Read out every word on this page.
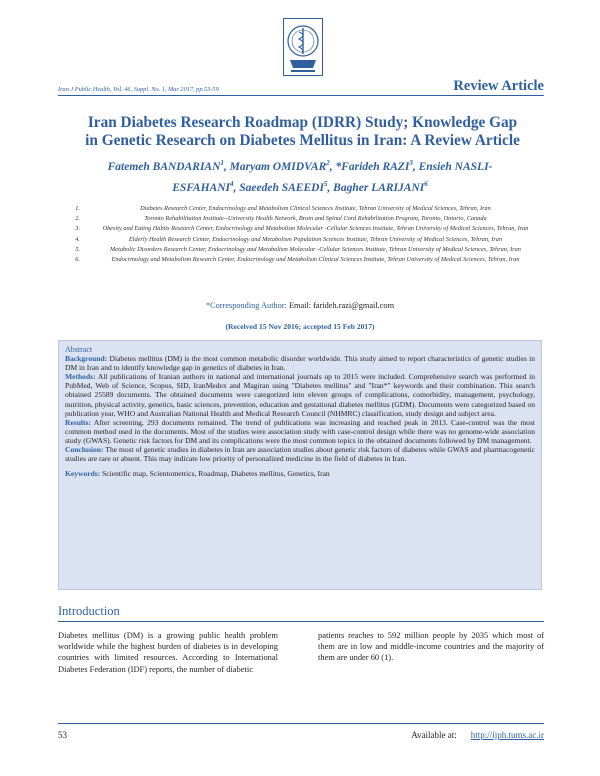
Iran J Public Health, Vol. 46, Suppl. No. 1, Mar 2017, pp.53-59	Review Article
Iran Diabetes Research Roadmap (IDRR) Study; Knowledge Gap in Genetic Research on Diabetes Mellitus in Iran: A Review Article
Fatemeh BANDARIAN$^1$, Maryam OMIDVAR$^2$, *Farideh RAZI$^3$, Ensieh NASLI-ESFAHANI$^4$, Saeedeh SAEEDI$^5$, Bagher LARIJANI$^6$
1.	Diabetes Research Center, Endocrinology and Metabolism Clinical Sciences Institute, Tehran University of Medical Sciences, Tehran, Iran
2.	Toronto Rehabilitation Institute--University Health Network, Brain and Spinal Cord Rehabilitation Program, Toronto, Ontario, Canada
3.	Obesity and Eating Habits Research Center, Endocrinology and Metabolism Molecular -Cellular Sciences Institute, Tehran University of Medical Sciences, Tehran, Iran
4.	Elderly Health Research Center, Endocrinology and Metabolism Population Sciences Institute, Tehran University of Medical Sciences, Tehran, Iran
5.	Metabolic Disorders Research Center, Endocrinology and Metabolism Molecular -Cellular Sciences Institute, Tehran University of Medical Sciences, Tehran, Iran
6.	Endocrinology and Metabolism Research Center, Endocrinology and Metabolism Clinical Sciences Institute, Tehran University of Medical Sciences, Tehran, Iran
*Corresponding Author: Email: farideh.razi@gmail.com
(Received 15 Nov 2016; accepted 15 Feb 2017)

Abstract

Background: Diabetes mellitus (DM) is the most common metabolic disorder worldwide. This study aimed to report characteristics of genetic studies in DM in Iran and to identify knowledge gap in genetics of diabetes in Iran.

Methods: All publications of Iranian authors in national and international journals up to 2015 were included. Comprehensive search was performed in PubMed, Web of Science, Scopus, SID, IranMedex and Magiran using "Diabetes mellitus" and "Iran*" keywords and their combination. This search obtained 25589 documents. The obtained documents were categorized into eleven groups of complications, comorbidity, management, psychology, nutrition, physical activity, genetics, basic sciences, prevention, education and gestational diabetes mellitus (GDM). Documents were categorized based on publication year, WHO and Australian National Health and Medical Research Council (NHMRC) classification, study design and subject area.

Results: After screening, 293 documents remained. The trend of publications was increasing and reached peak in 2013. Case-control was the most common method used in the documents. Most of the studies were association study with case-control design while there was no genome-wide association study (GWAS). Genetic risk factors for DM and its complications were the most common topics in the obtained documents followed by DM management.

Conclusion: The most of genetic studies in diabetes in Iran are association studies about genetic risk factors of diabetes while GWAS and pharmacogenetic studies are rare or absent. This may indicate low priority of personalized medicine in the field of diabetes in Iran.

Keywords: Scientific map, Scientometrics, Roadmap, Diabetes mellitus, Genetics, Iran

Introduction
Diabetes mellitus (DM) is a growing public health problem worldwide while the highest burden of diabetes is in developing countries with limited resources. According to International Diabetes Federation (IDF) reports, the number of diabetic
patients reaches to 592 million people by 2035 which most of them are in low and middle-income countries and the majority of them are under 60 (1).
53	Available at: http://ijph.tums.ac.ir
